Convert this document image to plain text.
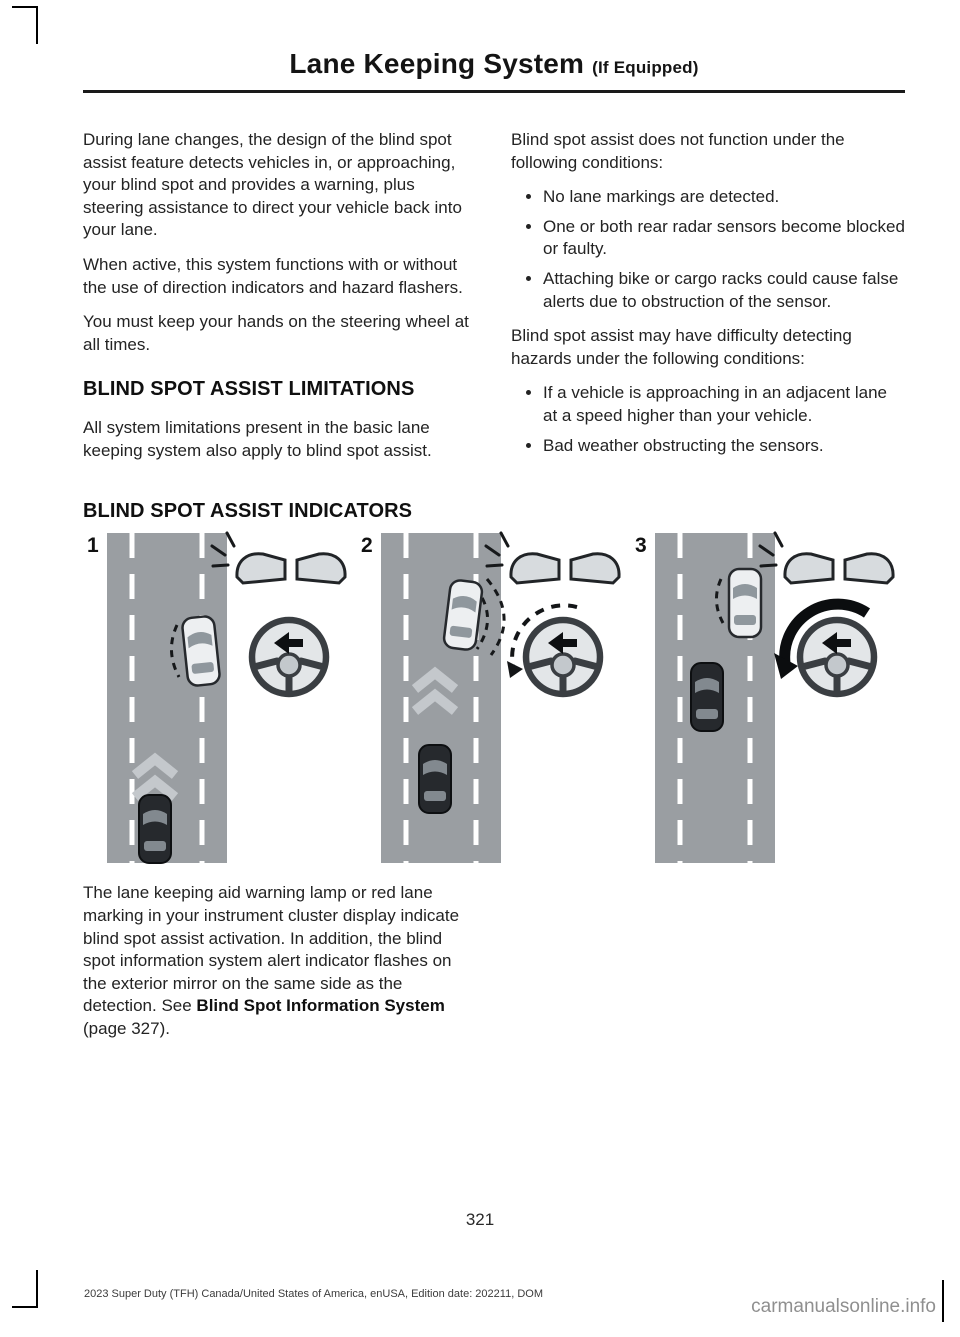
Lane Keeping System (If Equipped)

During lane changes, the design of the blind spot assist feature detects vehicles in, or approaching, your blind spot and provides a warning, plus steering assistance to direct your vehicle back into your lane.

When active, this system functions with or without the use of direction indicators and hazard flashers.

You must keep your hands on the steering wheel at all times.

BLIND SPOT ASSIST LIMITATIONS

All system limitations present in the basic lane keeping system also apply to blind spot assist.

Blind spot assist does not function under the following conditions:

• No lane markings are detected.
• One or both rear radar sensors become blocked or faulty.
• Attaching bike or cargo racks could cause false alerts due to obstruction of the sensor.

Blind spot assist may have difficulty detecting hazards under the following conditions:

• If a vehicle is approaching in an adjacent lane at a speed higher than your vehicle.
• Bad weather obstructing the sensors.
BLIND SPOT ASSIST INDICATORS
1	2	3

The lane keeping aid warning lamp or red lane marking in your instrument cluster display indicate blind spot assist activation. In addition, the blind spot information system alert indicator flashes on the exterior mirror on the same side as the detection. See Blind Spot Information System (page 327).

321
2023 Super Duty (TFH) Canada/United States of America, enUSA, Edition date: 202211, DOM
carmanualsonline.info
